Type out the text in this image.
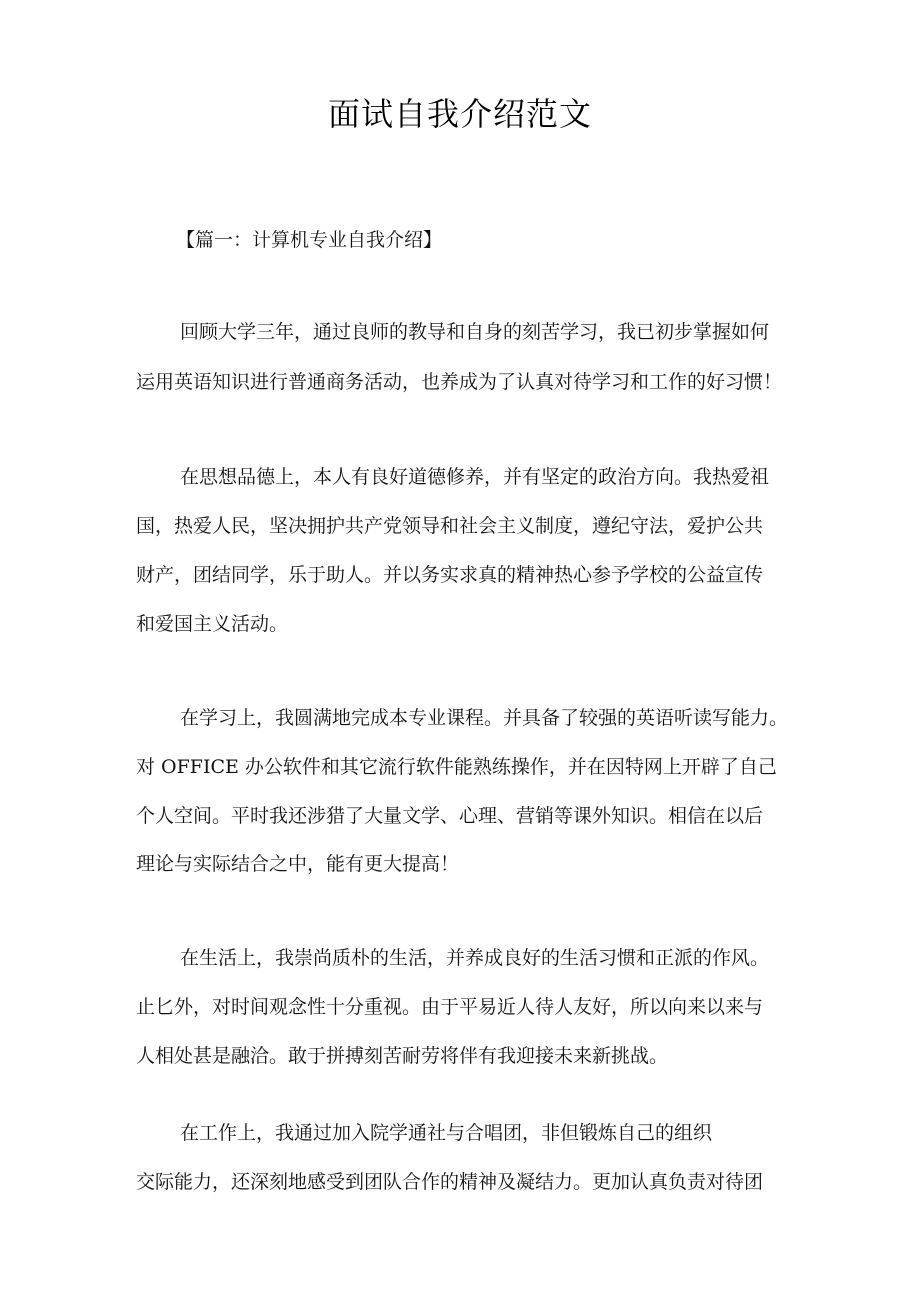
面试自我介绍范文
【篇一：计算机专业自我介绍】
回顾大学三年，通过良师的教导和自身的刻苦学习，我已初步掌握如何
运用英语知识进行普通商务活动，也养成为了认真对待学习和工作的好习惯！
在思想品德上，本人有良好道德修养，并有坚定的政治方向。我热爱祖
国，热爱人民，坚决拥护共产党领导和社会主义制度，遵纪守法，爱护公共
财产，团结同学，乐于助人。并以务实求真的精神热心参予学校的公益宣传
和爱国主义活动。
在学习上，我圆满地完成本专业课程。并具备了较强的英语听读写能力。
对 OFFICE 办公软件和其它流行软件能熟练操作，并在因特网上开辟了自己
个人空间。平时我还涉猎了大量文学、心理、营销等课外知识。相信在以后
理论与实际结合之中，能有更大提高！
在生活上，我崇尚质朴的生活，并养成良好的生活习惯和正派的作风。
止匕外，对时间观念性十分重视。由于平易近人待人友好，所以向来以来与
人相处甚是融洽。敢于拼搏刻苦耐劳将伴有我迎接未来新挑战。
在工作上，我通过加入院学通社与合唱团，非但锻炼自己的组织
交际能力，还深刻地感受到团队合作的精神及凝结力。更加认真负责对待团
